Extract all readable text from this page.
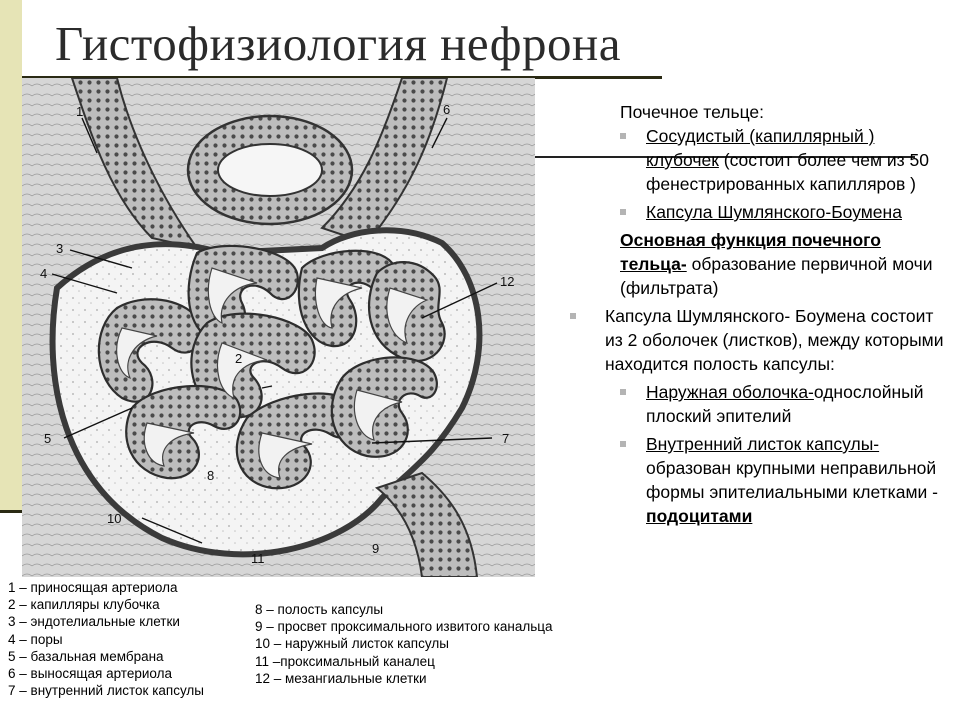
Гистофизиология нефрона
1
2
3
4
5
6
7
8
9
10
11
12
1 – приносящая артериола
2 – капилляры клубочка
3 – эндотелиальные клетки
4 – поры
5 – базальная мембрана
6 – выносящая артериола
7 – внутренний листок капсулы
8 – полость капсулы
9 – просвет проксимального извитого канальца
10 – наружный листок капсулы
11 –проксимальный каналец
12 – мезангиальные клетки
Почечное тельце:
Сосудистый (капиллярный ) клубочек (состоит более чем из 50 фенестрированных капилляров )
Капсула Шумлянского-Боумена
Основная функция почечного тельца- образование первичной мочи (фильтрата)
Капсула Шумлянского- Боумена состоит из 2 оболочек (листков), между которыми находится полость капсулы:
Наружная оболочка-однослойный плоский эпителий
Внутренний листок капсулы-образован крупными неправильной формы эпителиальными клетками - подоцитами
